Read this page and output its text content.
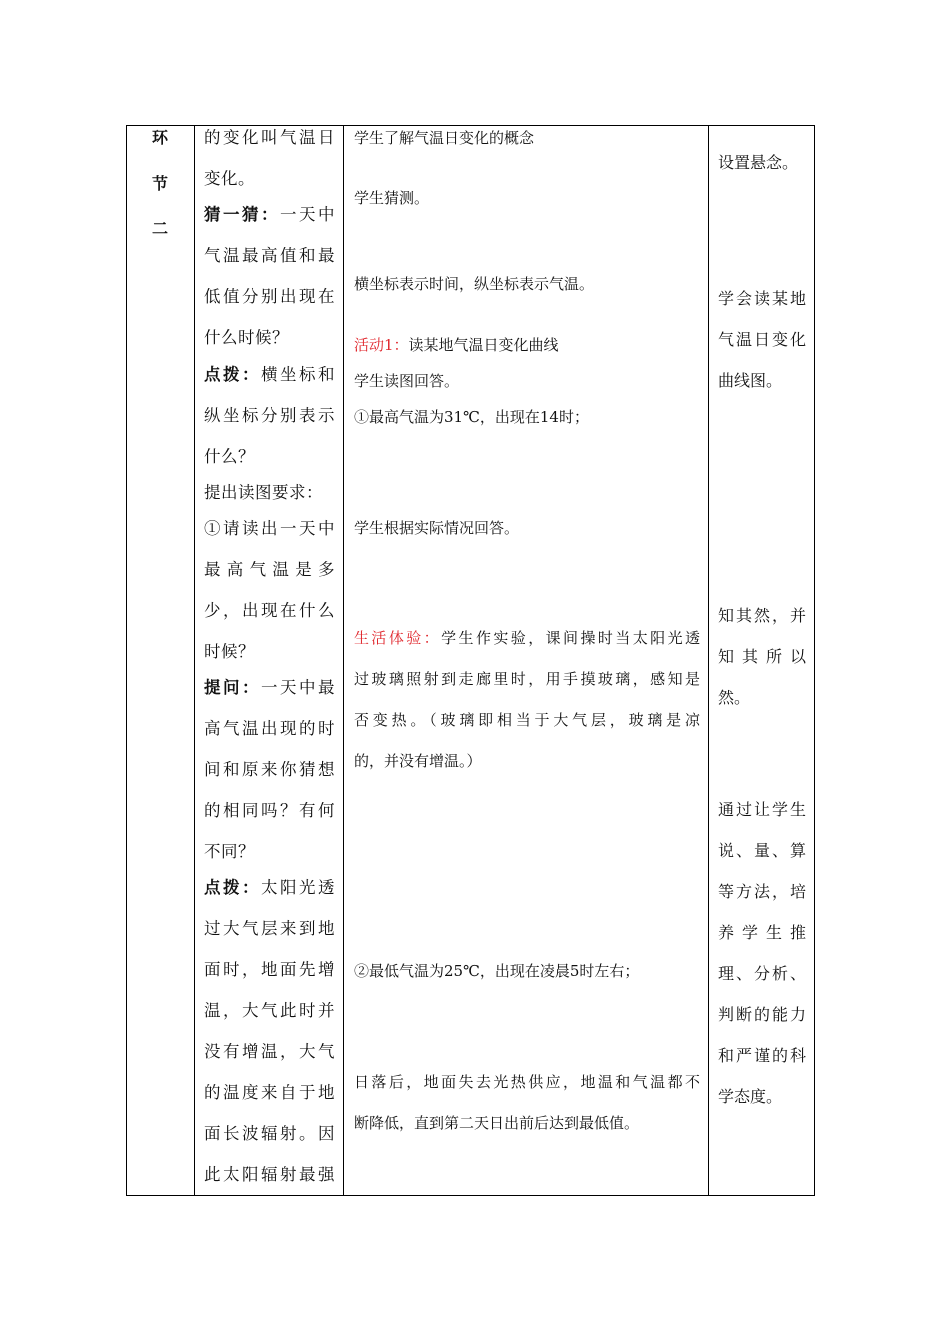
环
节
二
的变化叫气温日
变化。
猜一猜：一天中
气温最高值和最
低值分别出现在
什么时候？
点拨：横坐标和
纵坐标分别表示
什么？
提出读图要求：
①请读出一天中
最高气温是多
少，出现在什么
时候？
提问：一天中最
高气温出现的时
间和原来你猜想
的相同吗？有何
不同？
点拨：太阳光透
过大气层来到地
面时，地面先增
温，大气此时并
没有增温，大气
的温度来自于地
面长波辐射。因
此太阳辐射最强
学生了解气温日变化的概念
学生猜测。
横坐标表示时间，纵坐标表示气温。
活动1：读某地气温日变化曲线
学生读图回答。
①最高气温为31℃，出现在14时；
学生根据实际情况回答。
生活体验：学生作实验，课间操时当太阳光透
过玻璃照射到走廊里时，用手摸玻璃，感知是
否变热。（玻璃即相当于大气层，玻璃是凉
的，并没有增温。）
②最低气温为25℃，出现在凌晨5时左右；
日落后，地面失去光热供应，地温和气温都不
断降低，直到第二天日出前后达到最低值。
设置悬念。
学会读某地
气温日变化
曲线图。
知其然，并
知其所以
然。
通过让学生
说、量、算
等方法，培
养学生推
理、分析、
判断的能力
和严谨的科
学态度。
